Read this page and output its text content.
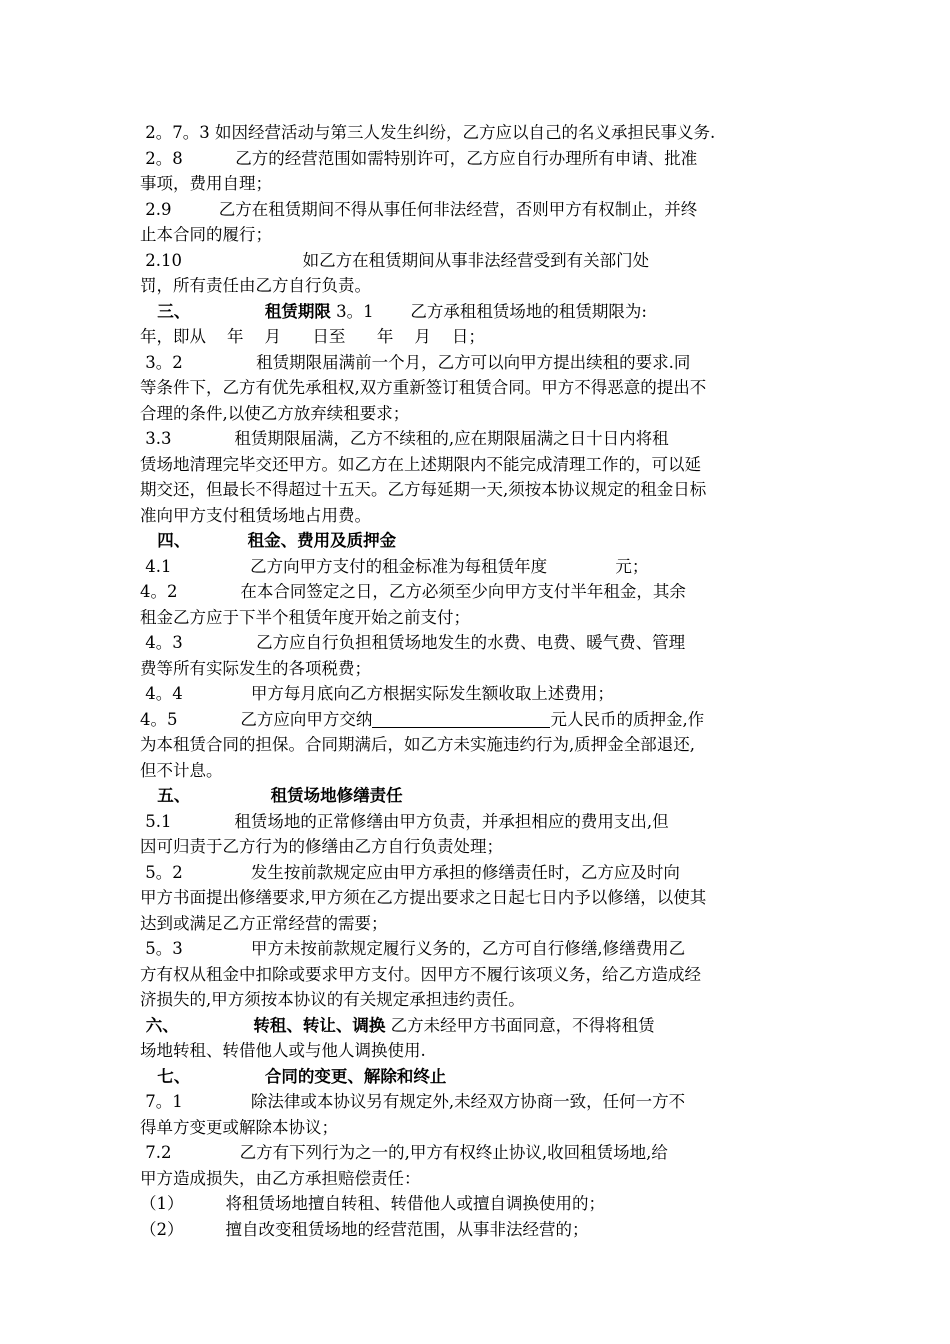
2。7。3 如因经营活动与第三人发生纠纷，乙方应以自己的名义承担民事义务.
2。8          乙方的经营范围如需特别许可，乙方应自行办理所有申请、批准
事项，费用自理；
2.9         乙方在租赁期间不得从事任何非法经营，否则甲方有权制止，并终
止本合同的履行；
2.10                       如乙方在租赁期间从事非法经营受到有关部门处
罚，所有责任由乙方自行负责。
三、             租赁期限 3。1       乙方承租租赁场地的租赁期限为:
年，即从    年    月      日至      年    月    日；
3。2              租赁期限届满前一个月，乙方可以向甲方提出续租的要求.同
等条件下，乙方有优先承租权,双方重新签订租赁合同。甲方不得恶意的提出不
合理的条件,以使乙方放弃续租要求；
3.3            租赁期限届满，乙方不续租的,应在期限届满之日十日内将租
赁场地清理完毕交还甲方。如乙方在上述期限内不能完成清理工作的，可以延
期交还，但最长不得超过十五天。乙方每延期一天,须按本协议规定的租金日标
准向甲方支付租赁场地占用费。
四、          租金、费用及质押金
4.1               乙方向甲方支付的租金标准为每租赁年度             元；
4。2            在本合同签定之日，乙方必须至少向甲方支付半年租金，其余
租金乙方应于下半个租赁年度开始之前支付；
4。3              乙方应自行负担租赁场地发生的水费、电费、暖气费、管理
费等所有实际发生的各项税费；
4。4             甲方每月底向乙方根据实际发生额收取上述费用；
4。5            乙方应向甲方交纳	元人民币的质押金,作
为本租赁合同的担保。合同期满后，如乙方未实施违约行为,质押金全部退还,
但不计息。
五、              租赁场地修缮责任
5.1            租赁场地的正常修缮由甲方负责，并承担相应的费用支出,但
因可归责于乙方行为的修缮由乙方自行负责处理；
5。2             发生按前款规定应由甲方承担的修缮责任时，乙方应及时向
甲方书面提出修缮要求,甲方须在乙方提出要求之日起七日内予以修缮，以使其
达到或满足乙方正常经营的需要；
5。3             甲方未按前款规定履行义务的，乙方可自行修缮,修缮费用乙
方有权从租金中扣除或要求甲方支付。因甲方不履行该项义务，给乙方造成经
济损失的,甲方须按本协议的有关规定承担违约责任。
六、             转租、转让、调换 乙方未经甲方书面同意，不得将租赁
场地转租、转借他人或与他人调换使用.
七、             合同的变更、解除和终止
7。1             除法律或本协议另有规定外,未经双方协商一致，任何一方不
得单方变更或解除本协议；
7.2             乙方有下列行为之一的,甲方有权终止协议,收回租赁场地,给
甲方造成损失，由乙方承担赔偿责任：
（1）        将租赁场地擅自转租、转借他人或擅自调换使用的；
（2）        擅自改变租赁场地的经营范围，从事非法经营的；
